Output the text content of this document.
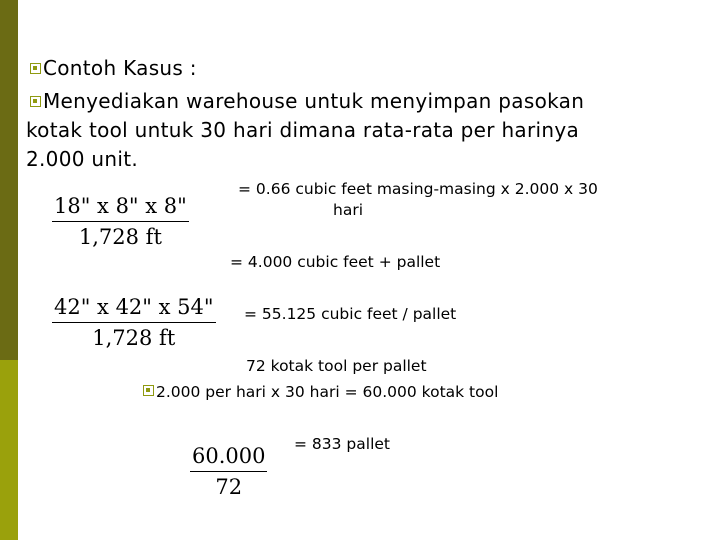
Contoh Kasus :
Menyediakan warehouse untuk menyimpan pasokan
kotak tool untuk 30 hari dimana rata-rata per harinya
2.000 unit.
$\frac{18" x 8" x 8"}{1,728 ft}$
= 0.66 cubic feet masing-masing x 2.000 x 30
hari
= 4.000 cubic feet + pallet
$\frac{42" x 42" x 54"}{1,728 ft} = 55.125$ cubic feet / pallet
72 kotak tool per pallet
2.000 per hari x 30 hari = 60.000 kotak tool
$\frac{60.000}{72} = 833$ pallet
